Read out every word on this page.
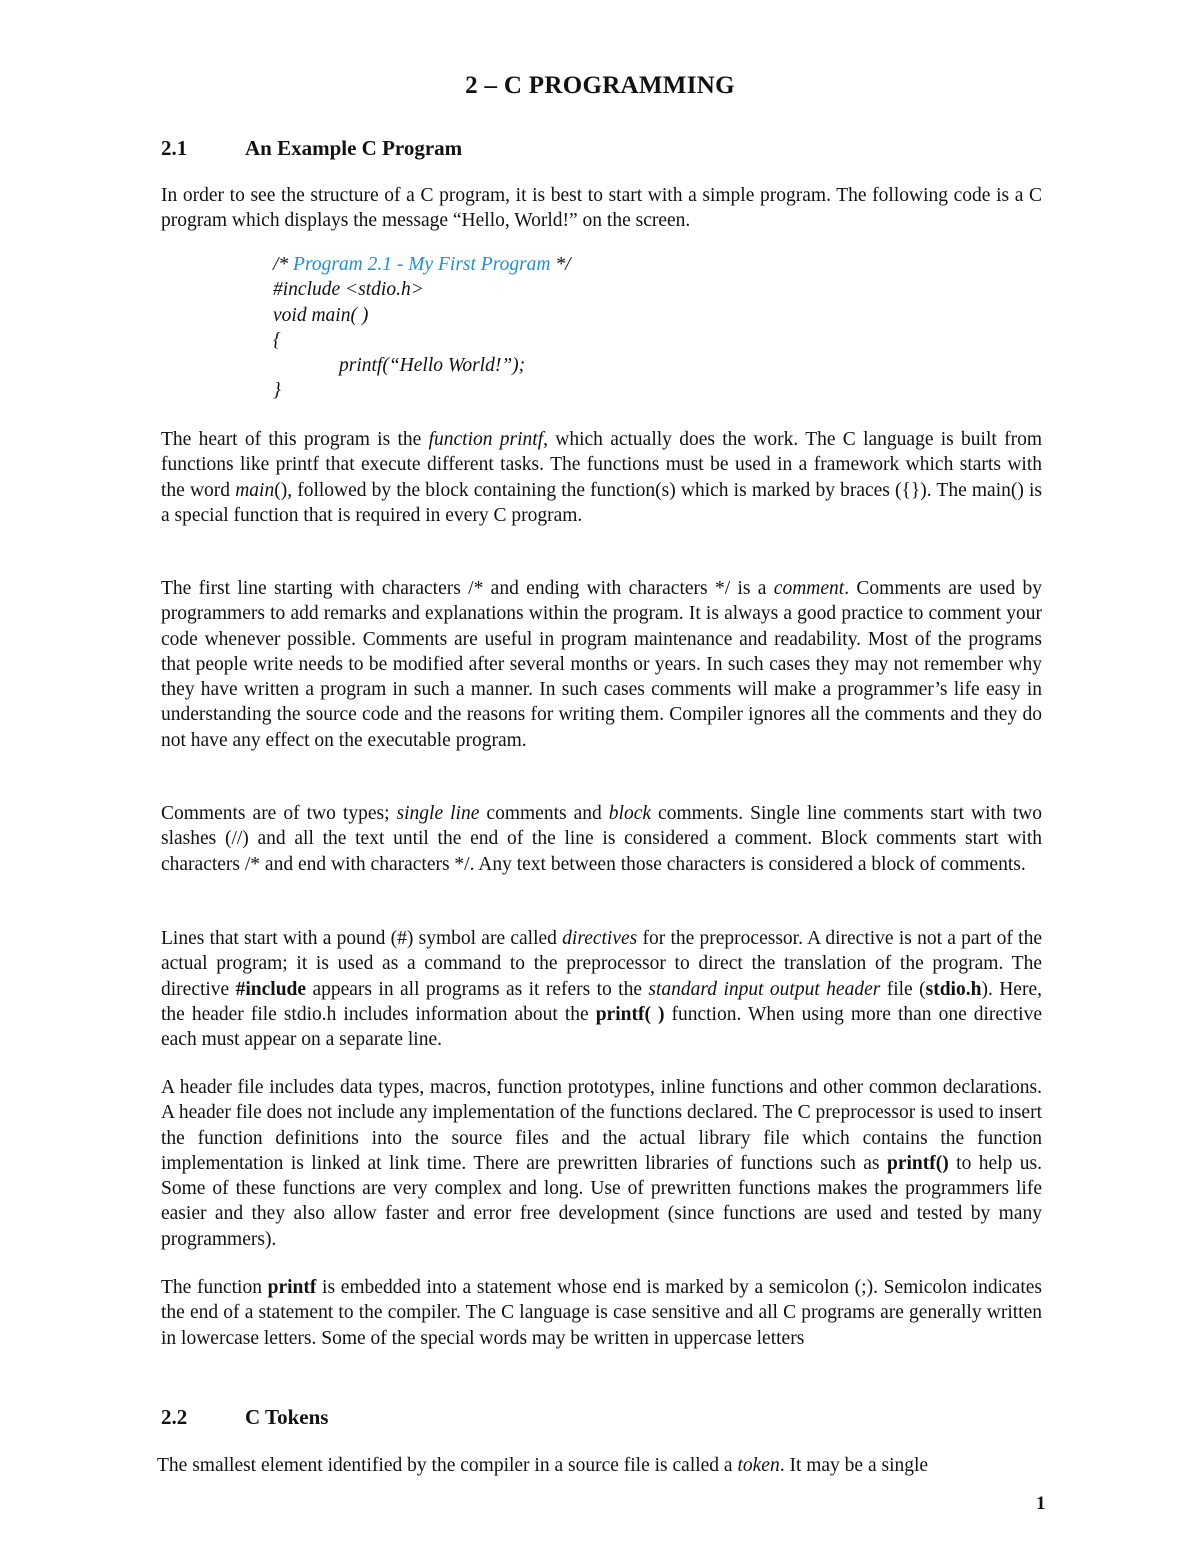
2 – C PROGRAMMING
2.1	An Example C Program

In order to see the structure of a C program, it is best to start with a simple program. The following code is a C program which displays the message “Hello, World!” on the screen.

/* Program 2.1 - My First Program */
#include <stdio.h>
void main( )
{
printf(“Hello World!”);
}

The heart of this program is the function printf, which actually does the work. The C language is built from functions like printf that execute different tasks. The functions must be used in a framework which starts with the word main(), followed by the block containing the function(s) which is marked by braces ({}). The main() is a special function that is required in every C program.

The first line starting with characters /* and ending with characters */ is a comment. Comments are used by programmers to add remarks and explanations within the program. It is always a good practice to comment your code whenever possible. Comments are useful in program maintenance and readability. Most of the programs that people write needs to be modified after several months or years. In such cases they may not remember why they have written a program in such a manner. In such cases comments will make a programmer’s life easy in understanding the source code and the reasons for writing them. Compiler ignores all the comments and they do not have any effect on the executable program.

Comments are of two types; single line comments and block comments. Single line comments start with two slashes (//) and all the text until the end of the line is considered a comment. Block comments start with characters /* and end with characters */. Any text between those characters is considered a block of comments.

Lines that start with a pound (#) symbol are called directives for the preprocessor. A directive is not a part of the actual program; it is used as a command to the preprocessor to direct the translation of the program. The directive #include appears in all programs as it refers to the standard input output header file (stdio.h). Here, the header file stdio.h includes information about the printf( ) function. When using more than one directive each must appear on a separate line.

A header file includes data types, macros, function prototypes, inline functions and other common declarations. A header file does not include any implementation of the functions declared. The C preprocessor is used to insert the function definitions into the source files and the actual library file which contains the function implementation is linked at link time. There are prewritten libraries of functions such as printf() to help us. Some of these functions are very complex and long. Use of prewritten functions makes the programmers life easier and they also allow faster and error free development (since functions are used and tested by many programmers).

The function printf is embedded into a statement whose end is marked by a semicolon (;). Semicolon indicates the end of a statement to the compiler. The C language is case sensitive and all C programs are generally written in lowercase letters. Some of the special words may be written in uppercase letters

2.2	C Tokens

The smallest element identified by the compiler in a source file is called a token. It may be a single

1
